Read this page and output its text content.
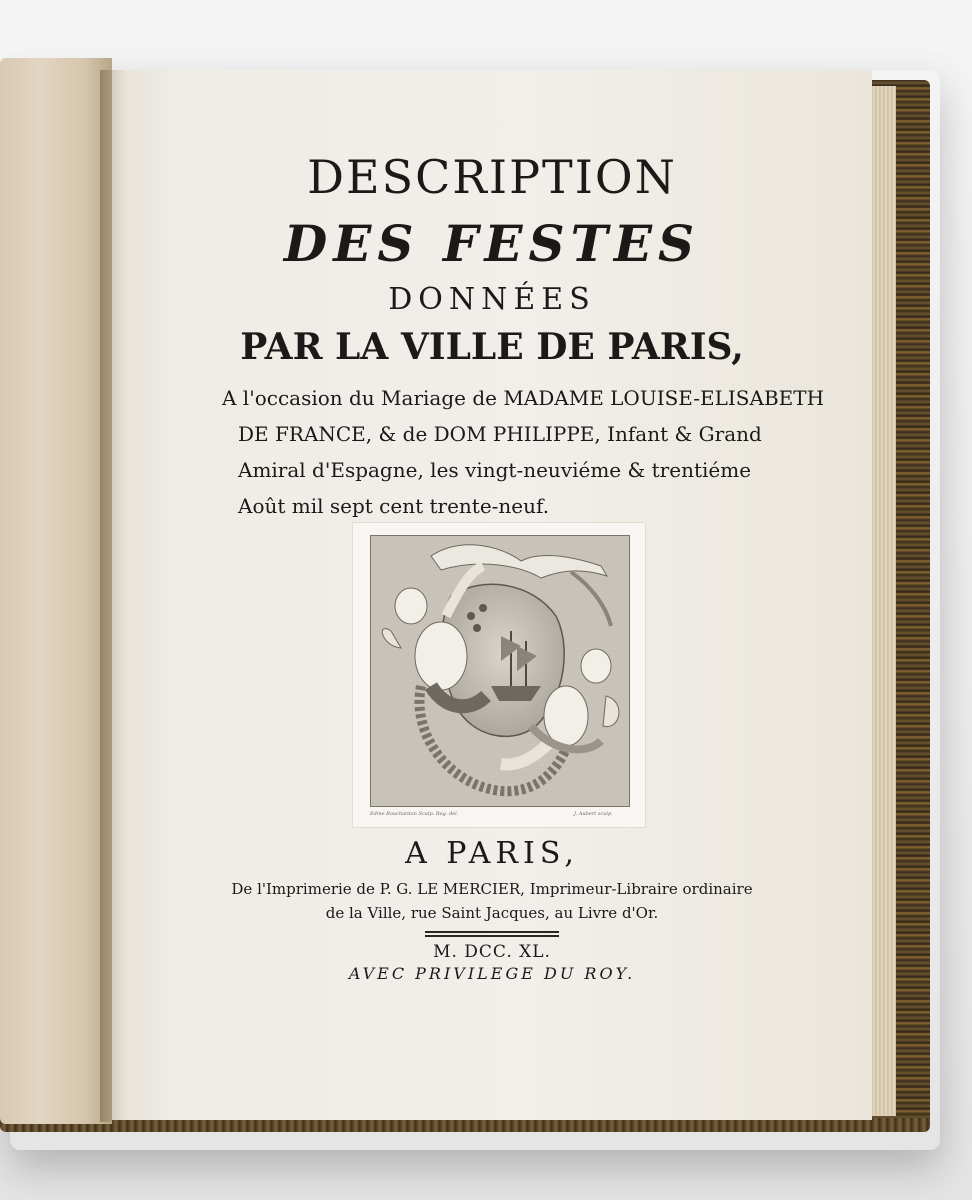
DESCRIPTION
DES FESTES
DONNÉES
PAR LA VILLE DE PARIS,
A l'occasion du Mariage de MADAME LOUISE-ELISABETH
DE FRANCE, & de DOM PHILIPPE, Infant & Grand
Amiral d'Espagne, les vingt-neuviéme & trentiéme
Août mil sept cent trente-neuf.
Edme Bouchardon Sculp. Reg. del.	J. Aubert sculp.
A PARIS,
De l'Imprimerie de P. G. LE MERCIER, Imprimeur-Libraire ordinaire
de la Ville, rue Saint Jacques, au Livre d'Or.
M. DCC. XL.
AVEC PRIVILEGE DU ROY.
